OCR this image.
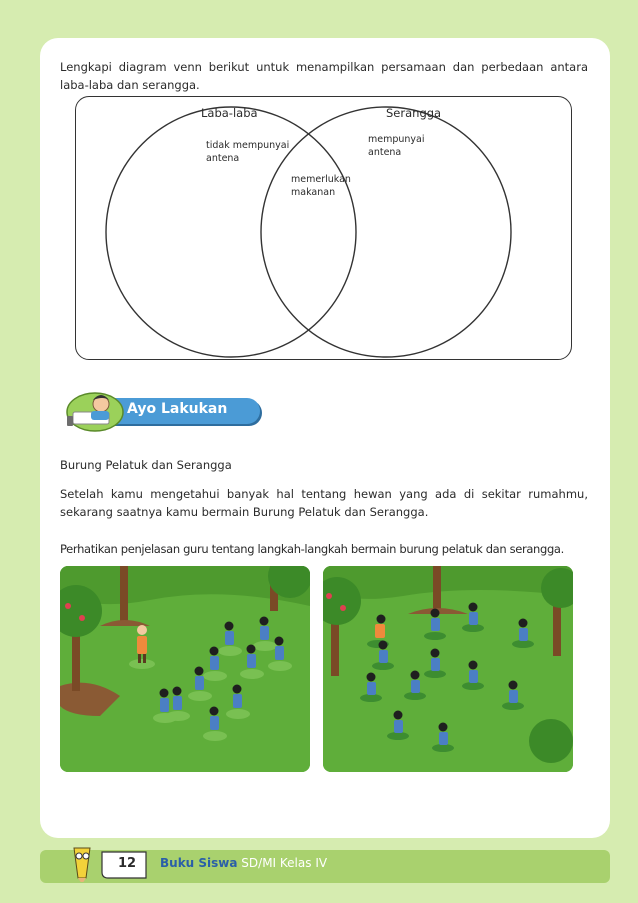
Lengkapi diagram venn berikut untuk menampilkan persamaan dan perbedaan antara laba-laba dan serangga.

Laba-laba	Serangga
tidak mempunyai
antena
mempunyai
antena
memerlukan
makanan
Ayo Lakukan

Burung Pelatuk dan Serangga

Setelah kamu mengetahui banyak hal tentang hewan yang ada di sekitar rumahmu, sekarang saatnya kamu bermain Burung Pelatuk dan Serangga.

Perhatikan penjelasan guru tentang langkah-langkah bermain burung pelatuk dan serangga.

12 Buku Siswa SD/MI Kelas IV
